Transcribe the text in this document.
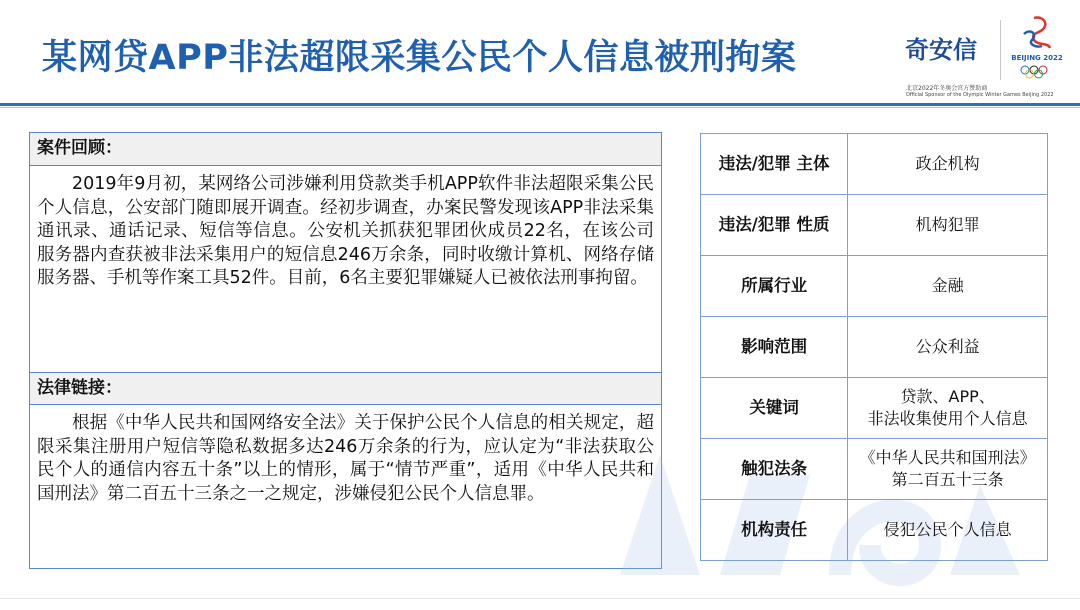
某网贷APP非法超限采集公民个人信息被刑拘案	奇安信	BEIJING 2022
北京2022年冬奥会官方赞助商
Official Sponsor of the Olympic Winter Games Beijing 2022
案件回顾：
2019年9月初，某网络公司涉嫌利用贷款类手机APP软件非法超限采集公民个人信息，公安部门随即展开调查。经初步调查，办案民警发现该APP非法采集通讯录、通话记录、短信等信息。公安机关抓获犯罪团伙成员22名，在该公司服务器内查获被非法采集用户的短信息246万余条，同时收缴计算机、网络存储服务器、手机等作案工具52件。目前，6名主要犯罪嫌疑人已被依法刑事拘留。
法律链接：
根据《中华人民共和国网络安全法》关于保护公民个人信息的相关规定，超限采集注册用户短信等隐私数据多达246万余条的行为，应认定为“非法获取公民个人的通信内容五十条”以上的情形，属于“情节严重”，适用《中华人民共和国刑法》第二百五十三条之一之规定，涉嫌侵犯公民个人信息罪。
违法/犯罪 主体	政企机构

违法/犯罪 性质	机构犯罪

所属行业	金融

影响范围	公众利益

关键词	贷款、APP、
非法收集使用个人信息

触犯法条	《中华人民共和国刑法》
第二百五十三条

机构责任	侵犯公民个人信息
